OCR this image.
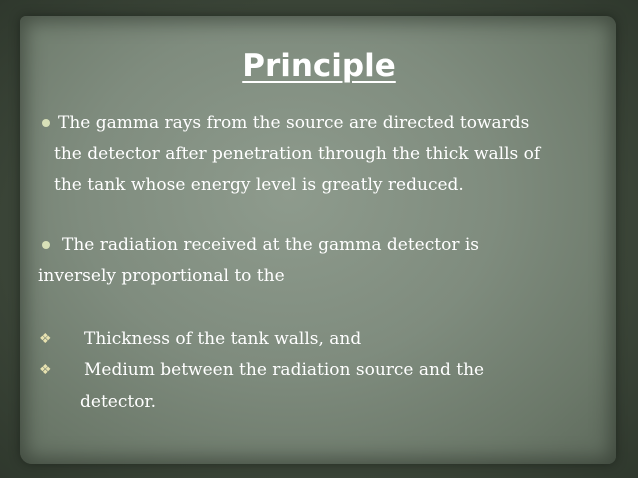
Principle
The gamma rays from the source are directed towards
the detector after penetration through the thick walls of
the tank whose energy level is greatly reduced.
The radiation received at the gamma detector is
inversely proportional to the
❖ Thickness of the tank walls, and
❖ Medium between the radiation source and the
detector.
